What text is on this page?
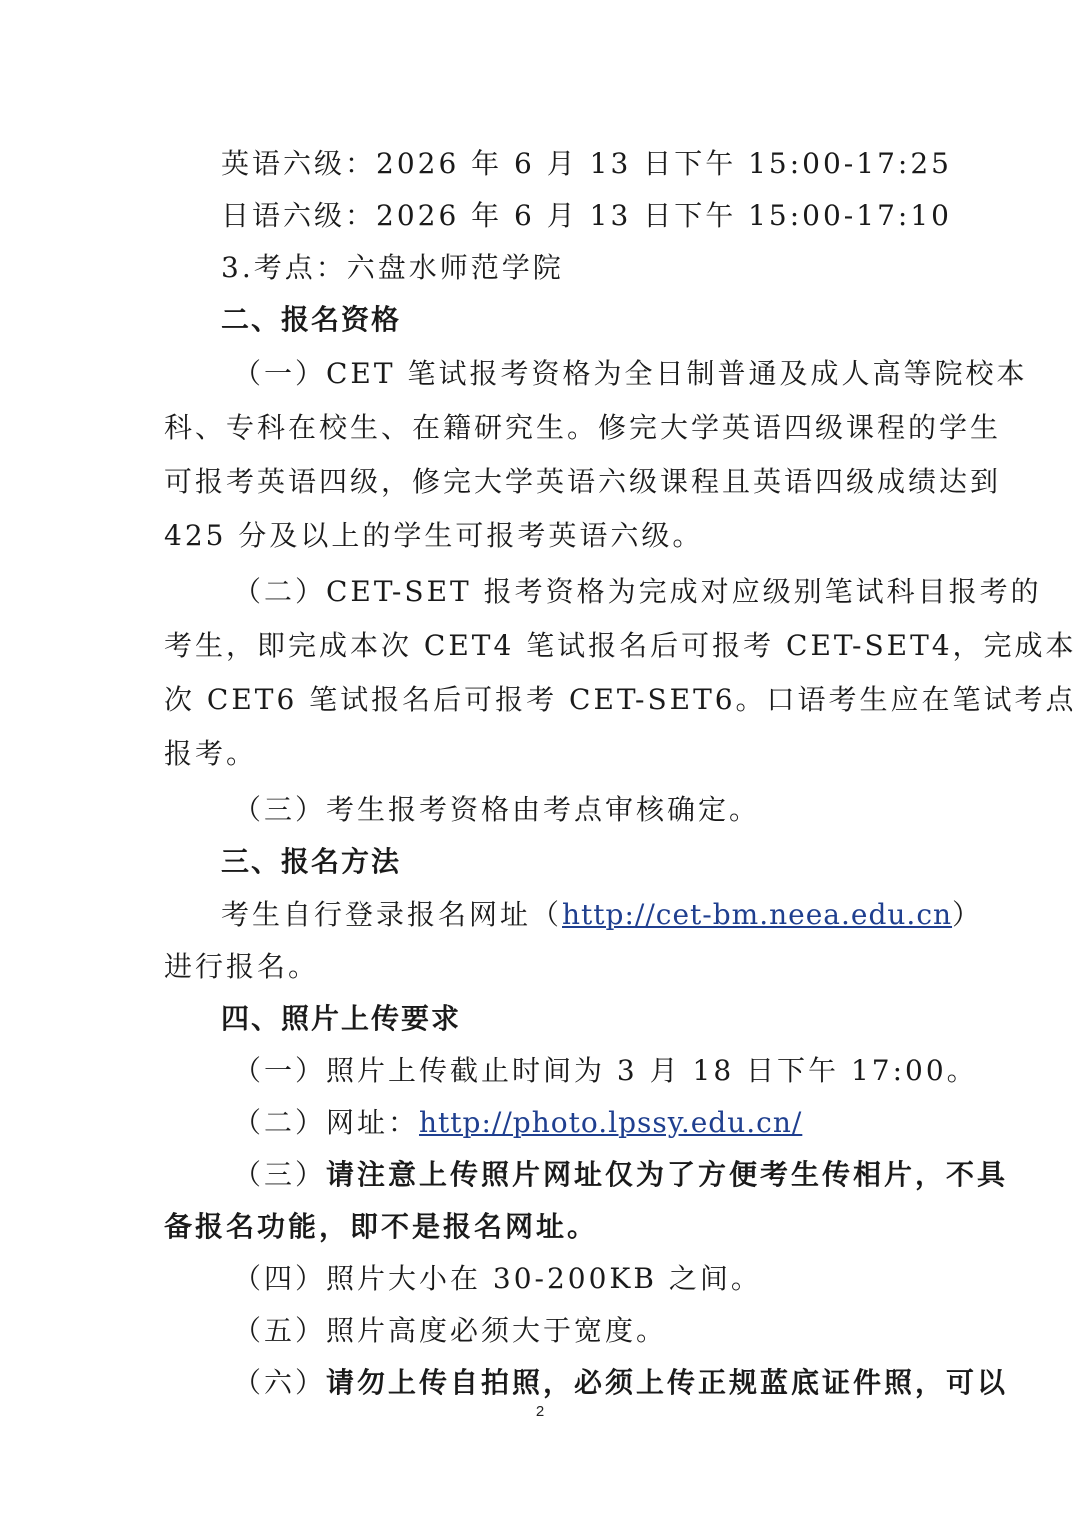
英语六级：2026 年 6 月 13 日下午 15:00-17:25
日语六级：2026 年 6 月 13 日下午 15:00-17:10
3.考点：六盘水师范学院
二、报名资格
（一）CET 笔试报考资格为全日制普通及成人高等院校本
科、专科在校生、在籍研究生。修完大学英语四级课程的学生
可报考英语四级，修完大学英语六级课程且英语四级成绩达到
425 分及以上的学生可报考英语六级。
（二）CET-SET 报考资格为完成对应级别笔试科目报考的
考生，即完成本次 CET4 笔试报名后可报考 CET-SET4，完成本
次 CET6 笔试报名后可报考 CET-SET6。口语考生应在笔试考点
报考。
（三）考生报考资格由考点审核确定。
三、报名方法
考生自行登录报名网址（http://cet-bm.neea.edu.cn）
进行报名。
四、照片上传要求
（一）照片上传截止时间为 3 月 18 日下午 17:00。
（二）网址：http://photo.lpssy.edu.cn/
（三）请注意上传照片网址仅为了方便考生传相片，不具
备报名功能，即不是报名网址。
（四）照片大小在 30-200KB 之间。
（五）照片高度必须大于宽度。
（六）请勿上传自拍照，必须上传正规蓝底证件照，可以
2
